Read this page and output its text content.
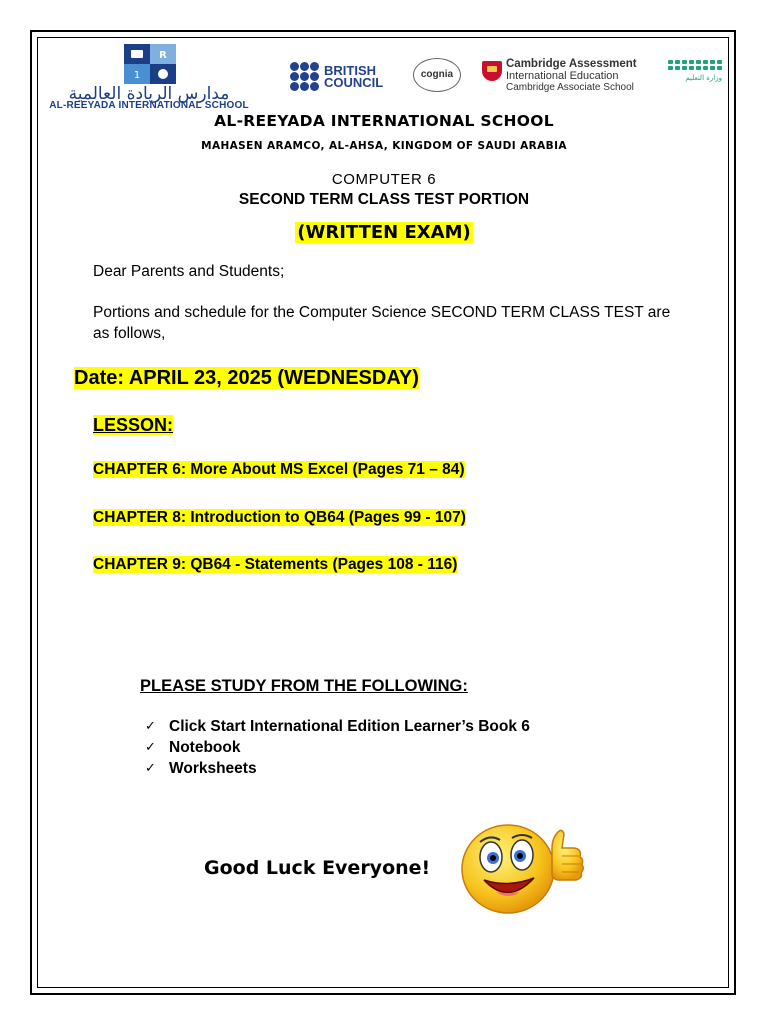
R
1
مدارس الريادة العالمية
AL-REEYADA INTERNATIONAL SCHOOL
BRITISH
COUNCIL	cognia
Cambridge Assessment
International Education
Cambridge Associate School
وزارة التعليم
AL-REEYADA INTERNATIONAL SCHOOL
MAHASEN ARAMCO, AL-AHSA, KINGDOM OF SAUDI ARABIA
COMPUTER 6
SECOND TERM CLASS TEST PORTION
(WRITTEN EXAM)
Dear Parents and Students;
Portions and schedule for the Computer Science SECOND TERM CLASS TEST are as follows,
Date: APRIL 23, 2025 (WEDNESDAY)
LESSON:
CHAPTER 6: More About MS Excel (Pages 71 – 84)
CHAPTER 8: Introduction to QB64 (Pages 99 - 107)
CHAPTER 9: QB64 - Statements (Pages 108 - 116)
PLEASE STUDY FROM THE FOLLOWING:
✓ Click Start International Edition Learner’s Book 6
✓ Notebook
✓ Worksheets
Good Luck Everyone!
